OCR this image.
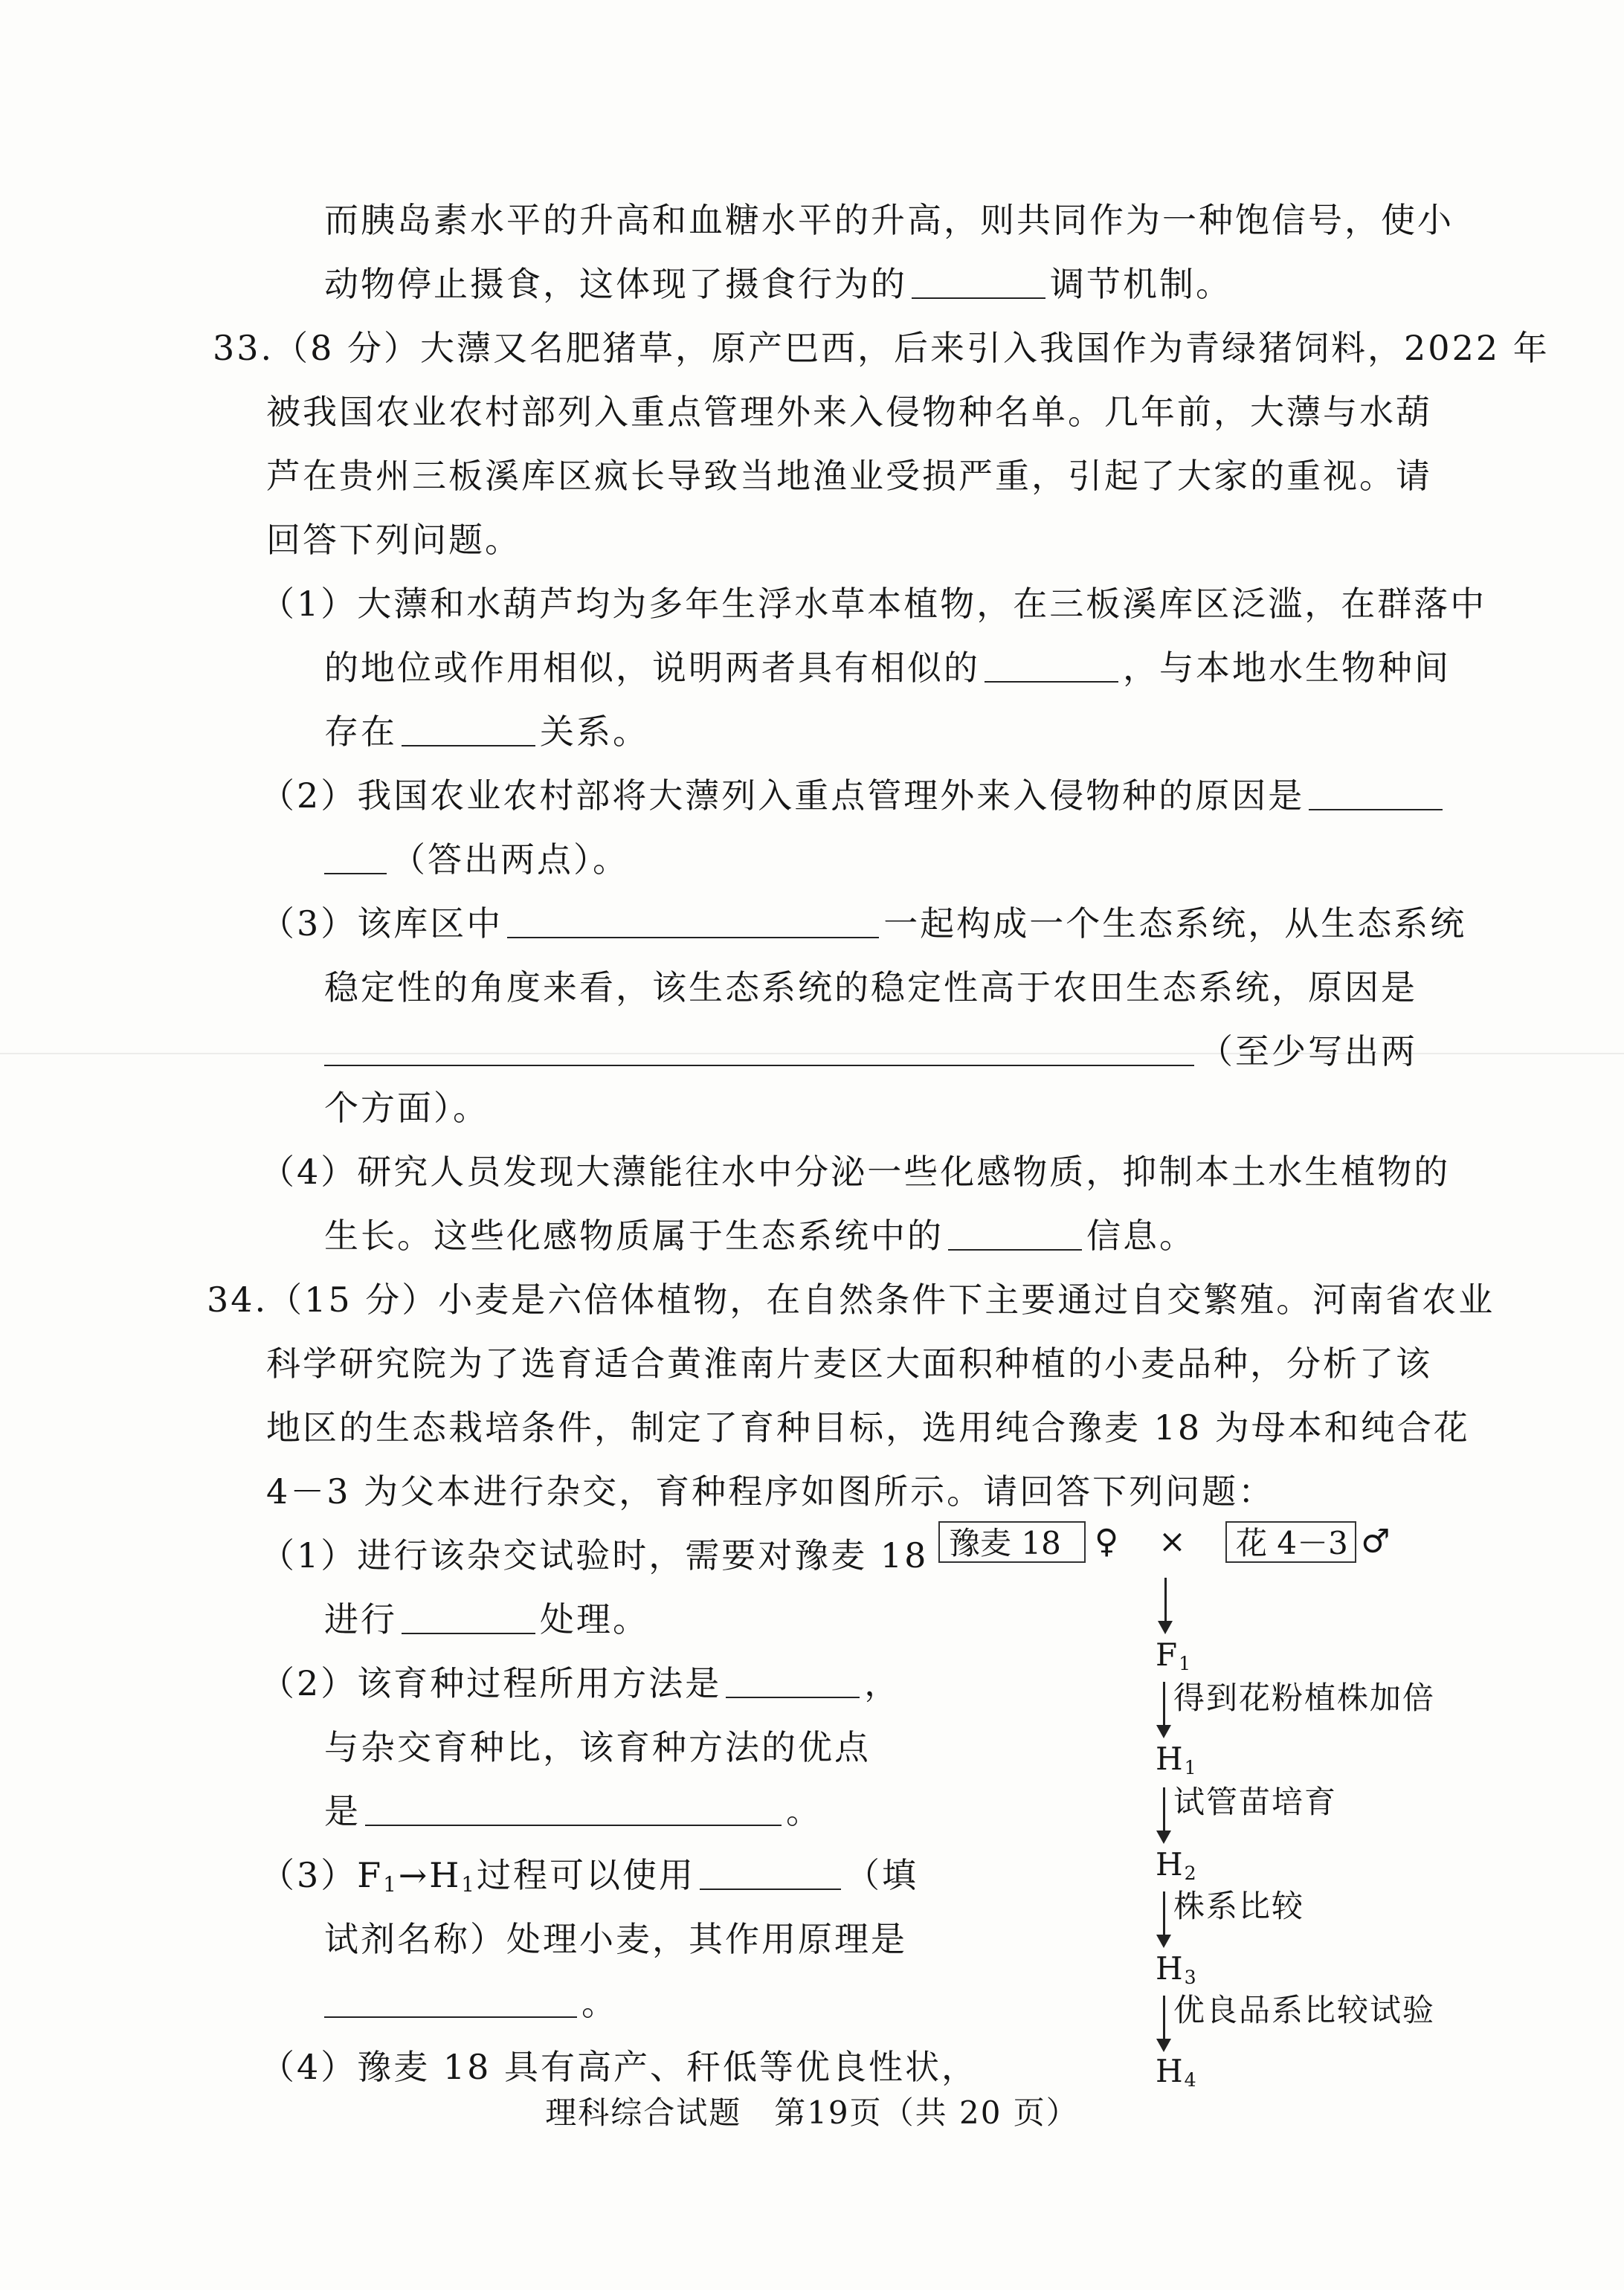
而胰岛素水平的升高和血糖水平的升高，则共同作为一种饱信号，使小
动物停止摄食，这体现了摄食行为的	调节机制。
33.（8 分）大薸又名肥猪草，原产巴西，后来引入我国作为青绿猪饲料，2022 年
被我国农业农村部列入重点管理外来入侵物种名单。几年前，大薸与水葫
芦在贵州三板溪库区疯长导致当地渔业受损严重，引起了大家的重视。请
回答下列问题。
（1）大薸和水葫芦均为多年生浮水草本植物，在三板溪库区泛滥，在群落中
的地位或作用相似，说明两者具有相似的	，与本地水生物种间
存在	关系。
（2）我国农业农村部将大薸列入重点管理外来入侵物种的原因是
（答出两点）。
（3）该库区中	一起构成一个生态系统，从生态系统
稳定性的角度来看，该生态系统的稳定性高于农田生态系统，原因是
（至少写出两
个方面）。
（4）研究人员发现大薸能往水中分泌一些化感物质，抑制本土水生植物的
生长。这些化感物质属于生态系统中的	信息。
34.（15 分）小麦是六倍体植物，在自然条件下主要通过自交繁殖。河南省农业
科学研究院为了选育适合黄淮南片麦区大面积种植的小麦品种，分析了该
地区的生态栽培条件，制定了育种目标，选用纯合豫麦 18 为母本和纯合花
4－3 为父本进行杂交，育种程序如图所示。请回答下列问题：
（1）进行该杂交试验时，需要对豫麦 18
进行	处理。
（2）该育种过程所用方法是	，
与杂交育种比，该育种方法的优点
是	。
$(3)F_1\to H_1$过程可以使用	（填
试剂名称）处理小麦，其作用原理是
。
（4）豫麦 18 具有高产、秆低等优良性状，
豫麦 18	♀ ×	花 4－3 ♂
$F_1$
得到花粉植株加倍
$H_1$
试管苗培育
$H_2$
株系比较
$H_3$
优良品系比较试验
$H_4$
理科综合试题　第19页（共 20 页）
